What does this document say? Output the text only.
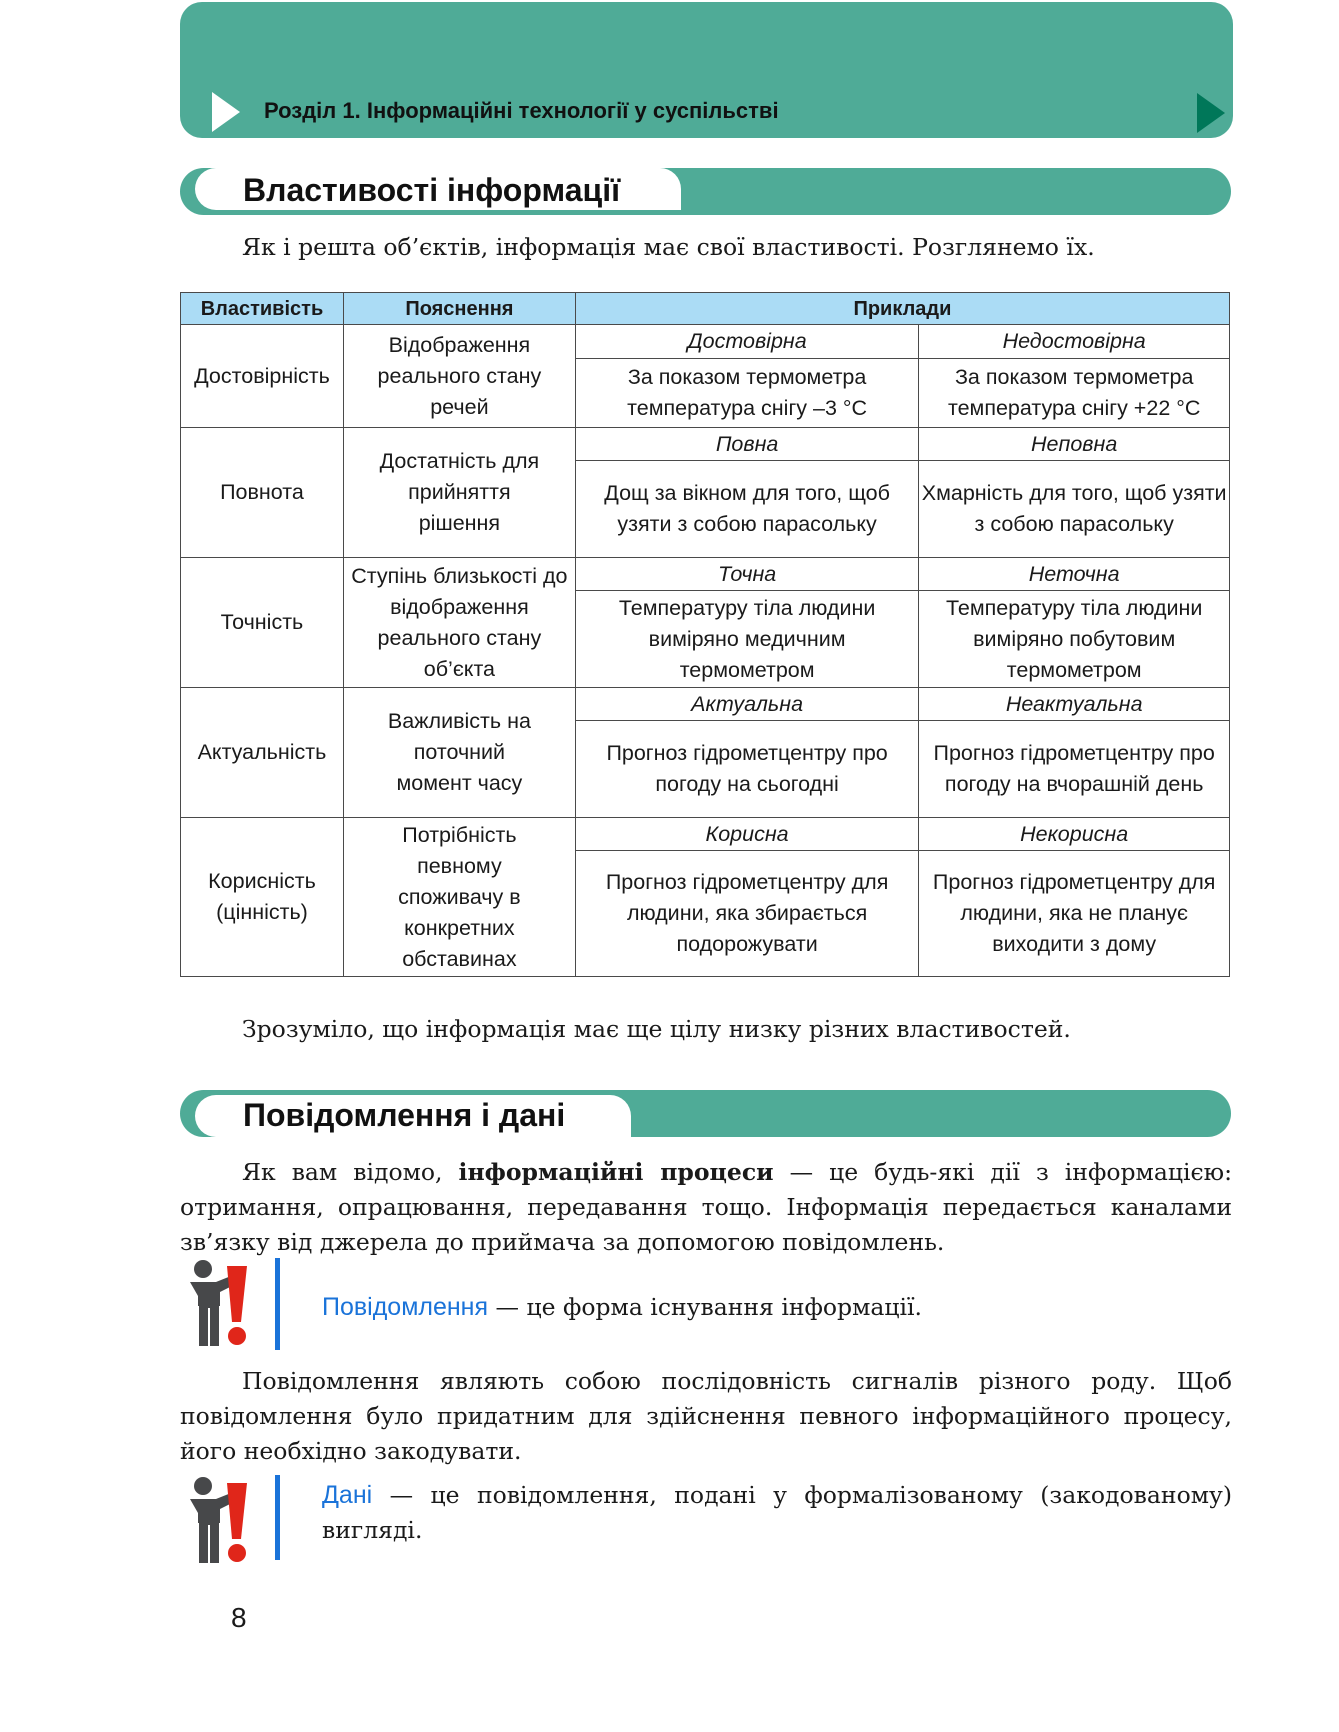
Розділ 1. Інформаційні технології у суспільстві
Властивості інформації
Як і решта об’єктів, інформація має свої властивості. Розглянемо їх.
Властивість	Пояснення	Приклади	
Достовірність	Відображення реального стану речей	Достовірна	Недостовірна
		За показом термометра температура снігу –3 °C	За показом термометра температура снігу +22 °C
Повнота	Достатність для прийняття рішення	Повна	Неповна
		Дощ за вікном для того, щоб узяти з собою парасольку	Хмарність для того, щоб узяти з собою парасольку
Точність	Ступінь близькості до відображення реального стану об’єкта	Точна	Неточна
		Температуру тіла людини виміряно медичним термометром	Температуру тіла людини виміряно побутовим термометром
Актуальність	Важливість на поточний момент часу	Актуальна	Неактуальна
		Прогноз гідрометцентру про погоду на сьогодні	Прогноз гідрометцентру про погоду на вчорашній день
Корисність (цінність)	Потрібність певному споживачу в конкретних обставинах	Корисна	Некорисна
		Прогноз гідрометцентру для людини, яка збирається подорожувати	Прогноз гідрометцентру для людини, яка не планує виходити з дому
Зрозуміло, що інформація має ще цілу низку різних властивостей.
Повідомлення і дані
Як вам відомо, інформаційні процеси — це будь-які дії з інформацією: отримання, опрацювання, передавання тощо. Інформація передається каналами зв’язку від джерела до приймача за допомогою повідомлень.
Повідомлення — це форма існування інформації.
Повідомлення являють собою послідовність сигналів різного роду. Щоб повідомлення було придатним для здійснення певного інформаційного процесу, його необхідно закодувати.
Дані — це повідомлення, подані у формалізованому (закодованому) вигляді.
8
